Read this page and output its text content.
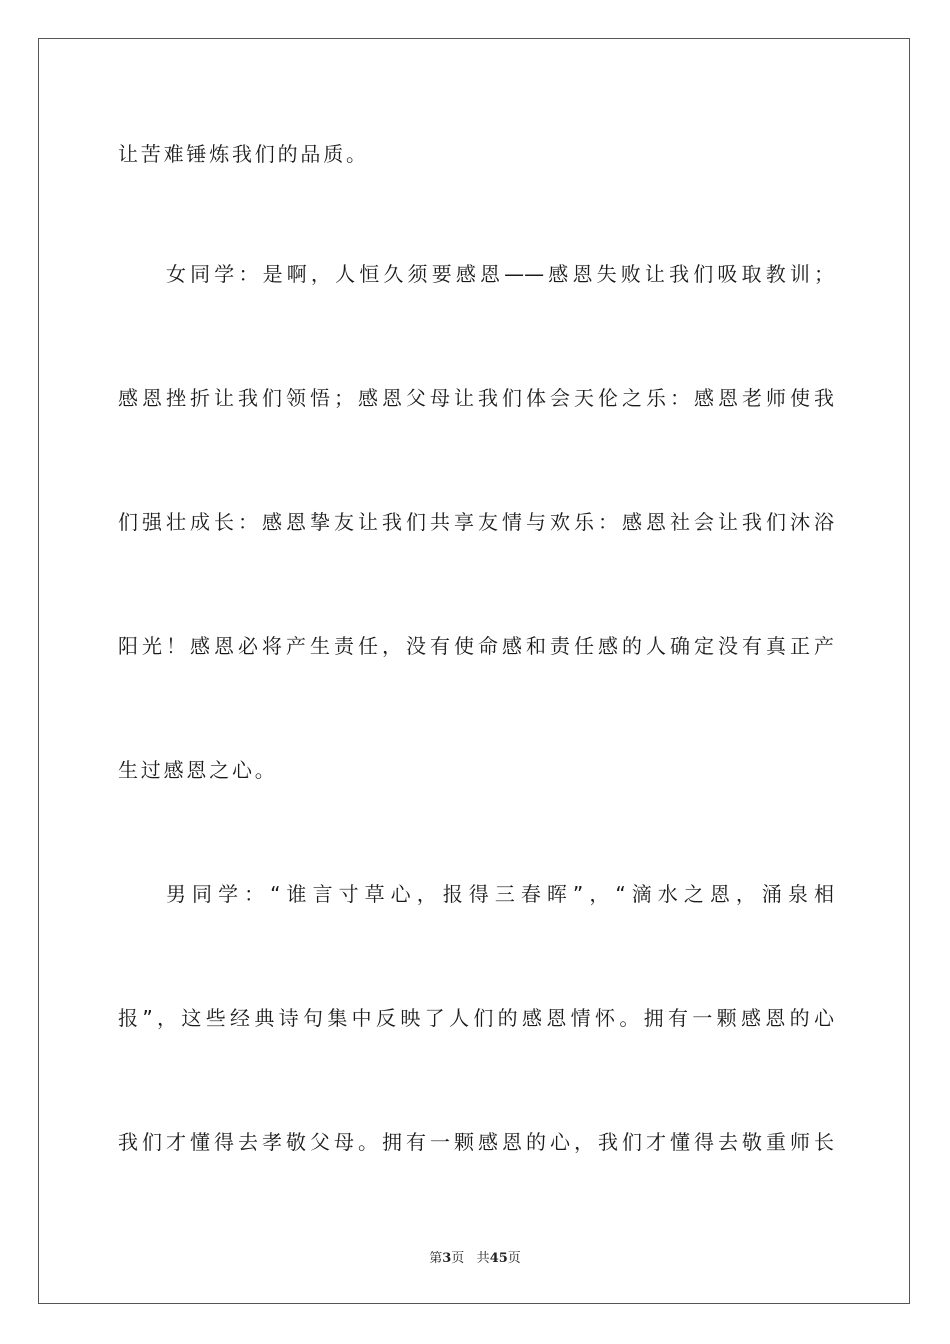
让苦难锤炼我们的品质。

女同学：是啊，人恒久须要感恩——感恩失败让我们吸取教训；

感恩挫折让我们领悟；感恩父母让我们体会天伦之乐：感恩老师使我

们强壮成长：感恩挚友让我们共享友情与欢乐：感恩社会让我们沐浴

阳光！感恩必将产生责任，没有使命感和责任感的人确定没有真正产

生过感恩之心。

男同学：“谁言寸草心，报得三春晖”，“滴水之恩，涌泉相

报”，这些经典诗句集中反映了人们的感恩情怀。拥有一颗感恩的心

我们才懂得去孝敬父母。拥有一颗感恩的心，我们才懂得去敬重师长

第3页 共45页
